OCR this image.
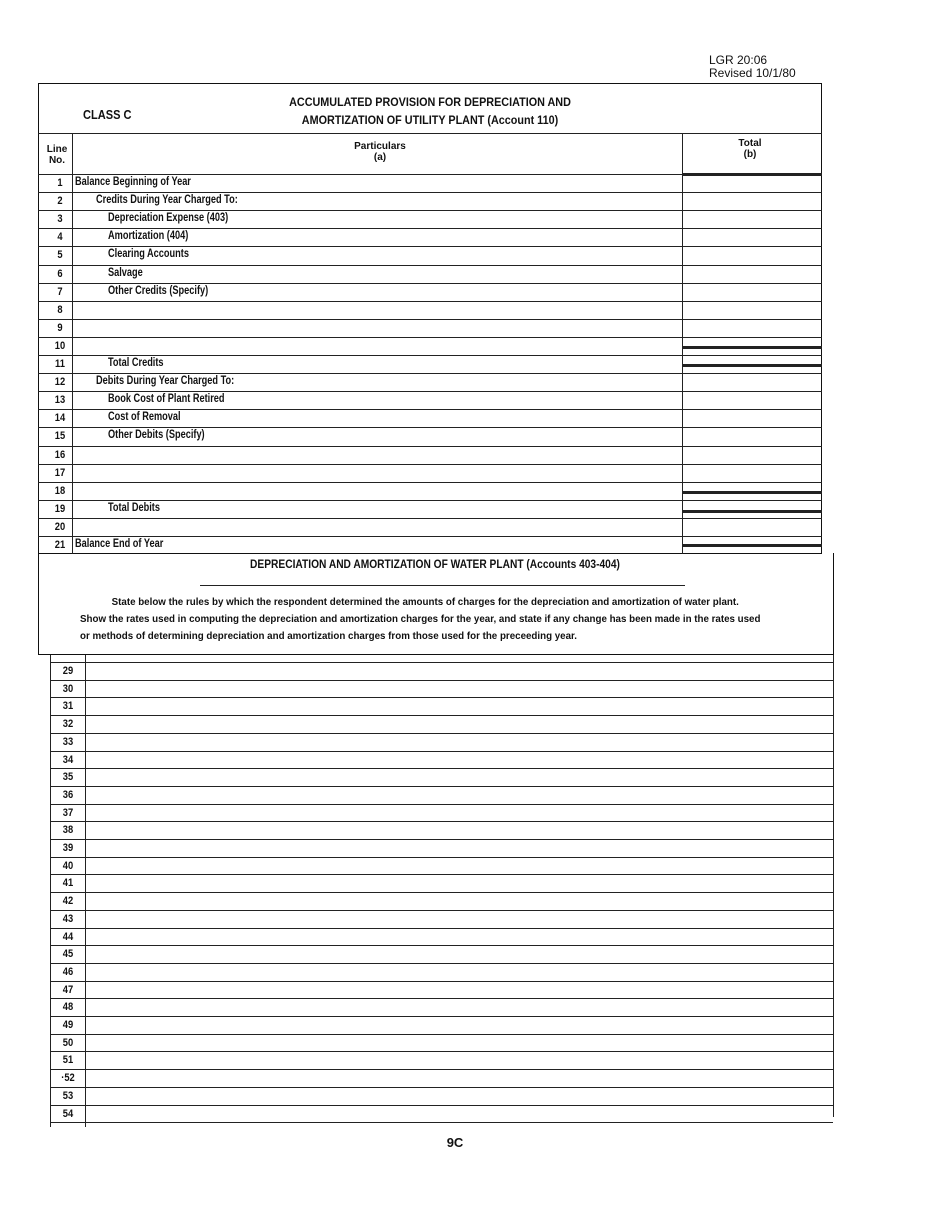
LGR 20:06
Revised 10/1/80
CLASS C
ACCUMULATED PROVISION FOR DEPRECIATION AND
AMORTIZATION OF UTILITY PLANT (Account 110)
Line
No.
Particulars
(a)
Total
(b)
1	Balance Beginning of Year
2	Credits During Year Charged To:
3	Depreciation Expense (403)
4	Amortization (404)
5	Clearing Accounts
6	Salvage
7	Other Credits (Specify)
8
9
10
11	Total Credits
12	Debits During Year Charged To:
13	Book Cost of Plant Retired
14	Cost of Removal
15	Other Debits (Specify)
16
17
18
19	Total Debits
20
21 Balance End of Year
DEPRECIATION AND AMORTIZATION OF WATER PLANT (Accounts 403-404)
State below the rules by which the respondent determined the amounts of charges for the depreciation and amortization of water plant. Show the rates used in computing the depreciation and amortization charges for the year, and state if any change has been made in the rates used or methods of determining depreciation and amortization charges from those used for the preceeding year.
29
30
31
32
33
34
35
36
37
38
39
40
41
42
43
44
45
46
47
48
49
50
51
·52
53
54
9C
